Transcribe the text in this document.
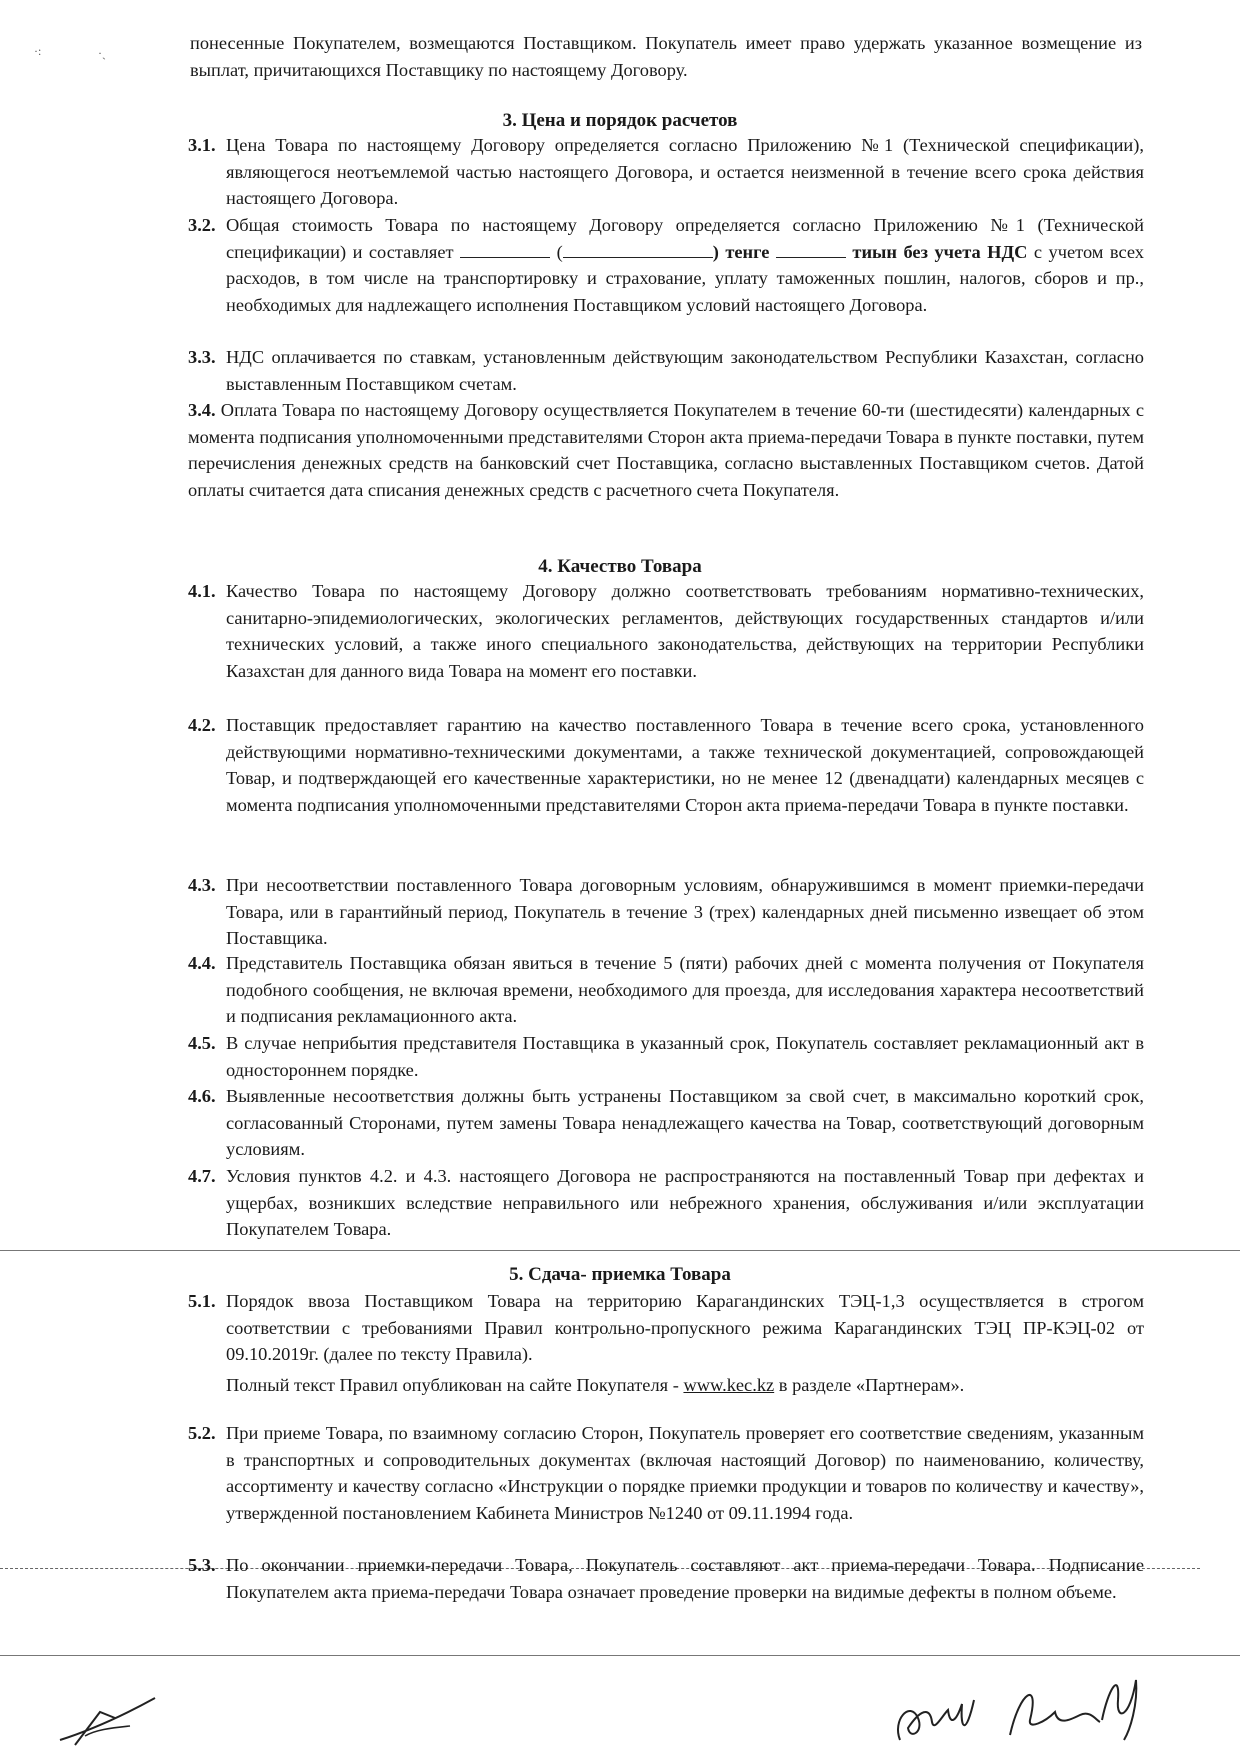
·:	·ˏ	понесенные Покупателем, возмещаются Поставщиком. Покупатель имеет право удержать указанное возмещение из выплат, причитающихся Поставщику по настоящему Договору.
3. Цена и порядок расчетов
3.1. Цена Товара по настоящему Договору определяется согласно Приложению №1 (Технической спецификации), являющегося неотъемлемой частью настоящего Договора, и остается неизменной в течение всего срока действия настоящего Договора.
3.2. Общая стоимость Товара по настоящему Договору определяется согласно Приложению №1 (Технической спецификации) и составляет	(	) тенге	тиын без учета НДС с учетом всех расходов, в том числе на транспортировку и страхование, уплату таможенных пошлин, налогов, сборов и пр., необходимых для надлежащего исполнения Поставщиком условий настоящего Договора.
3.3. НДС оплачивается по ставкам, установленным действующим законодательством Республики Казахстан, согласно выставленным Поставщиком счетам.
3.4. Оплата Товара по настоящему Договору осуществляется Покупателем в течение 60-ти (шестидесяти) календарных с момента подписания уполномоченными представителями Сторон акта приема-передачи Товара в пункте поставки, путем перечисления денежных средств на банковский счет Поставщика, согласно выставленных Поставщиком счетов. Датой оплаты считается дата списания денежных средств с расчетного счета Покупателя.
4. Качество Товара
4.1. Качество Товара по настоящему Договору должно соответствовать требованиям нормативно-технических, санитарно-эпидемиологических, экологических регламентов, действующих государственных стандартов и/или технических условий, а также иного специального законодательства, действующих на территории Республики Казахстан для данного вида Товара на момент его поставки.
4.2. Поставщик предоставляет гарантию на качество поставленного Товара в течение всего срока, установленного действующими нормативно-техническими документами, а также технической документацией, сопровождающей Товар, и подтверждающей его качественные характеристики, но не менее 12 (двенадцати) календарных месяцев с момента подписания уполномоченными представителями Сторон акта приема-передачи Товара в пункте поставки.
4.3. При несоответствии поставленного Товара договорным условиям, обнаружившимся в момент приемки-передачи Товара, или в гарантийный период, Покупатель в течение 3 (трех) календарных дней письменно извещает об этом Поставщика.
4.4. Представитель Поставщика обязан явиться в течение 5 (пяти) рабочих дней с момента получения от Покупателя подобного сообщения, не включая времени, необходимого для проезда, для исследования характера несоответствий и подписания рекламационного акта.
4.5. В случае неприбытия представителя Поставщика в указанный срок, Покупатель составляет рекламационный акт в одностороннем порядке.
4.6. Выявленные несоответствия должны быть устранены Поставщиком за свой счет, в максимально короткий срок, согласованный Сторонами, путем замены Товара ненадлежащего качества на Товар, соответствующий договорным условиям.
4.7. Условия пунктов 4.2. и 4.3. настоящего Договора не распространяются на поставленный Товар при дефектах и ущербах, возникших вследствие неправильного или небрежного хранения, обслуживания и/или эксплуатации Покупателем Товара.
5. Сдача- приемка Товара
5.1. Порядок ввоза Поставщиком Товара на территорию Карагандинских ТЭЦ-1,3 осуществляется в строгом соответствии с требованиями Правил контрольно-пропускного режима Карагандинских ТЭЦ ПР-КЭЦ-02 от 09.10.2019г. (далее по тексту Правила).
Полный текст Правил опубликован на сайте Покупателя - www.kec.kz в разделе «Партнерам».
5.2. При приеме Товара, по взаимному согласию Сторон, Покупатель проверяет его соответствие сведениям, указанным в транспортных и сопроводительных документах (включая настоящий Договор) по наименованию, количеству, ассортименту и качеству согласно «Инструкции о порядке приемки продукции и товаров по количеству и качеству», утвержденной постановлением Кабинета Министров №1240 от 09.11.1994 года.
5.3. По окончании приемки-передачи Товара, Покупатель составляют акт приема-передачи Товара. Подписание Покупателем акта приема-передачи Товара означает проведение проверки на видимые дефекты в полном объеме.
